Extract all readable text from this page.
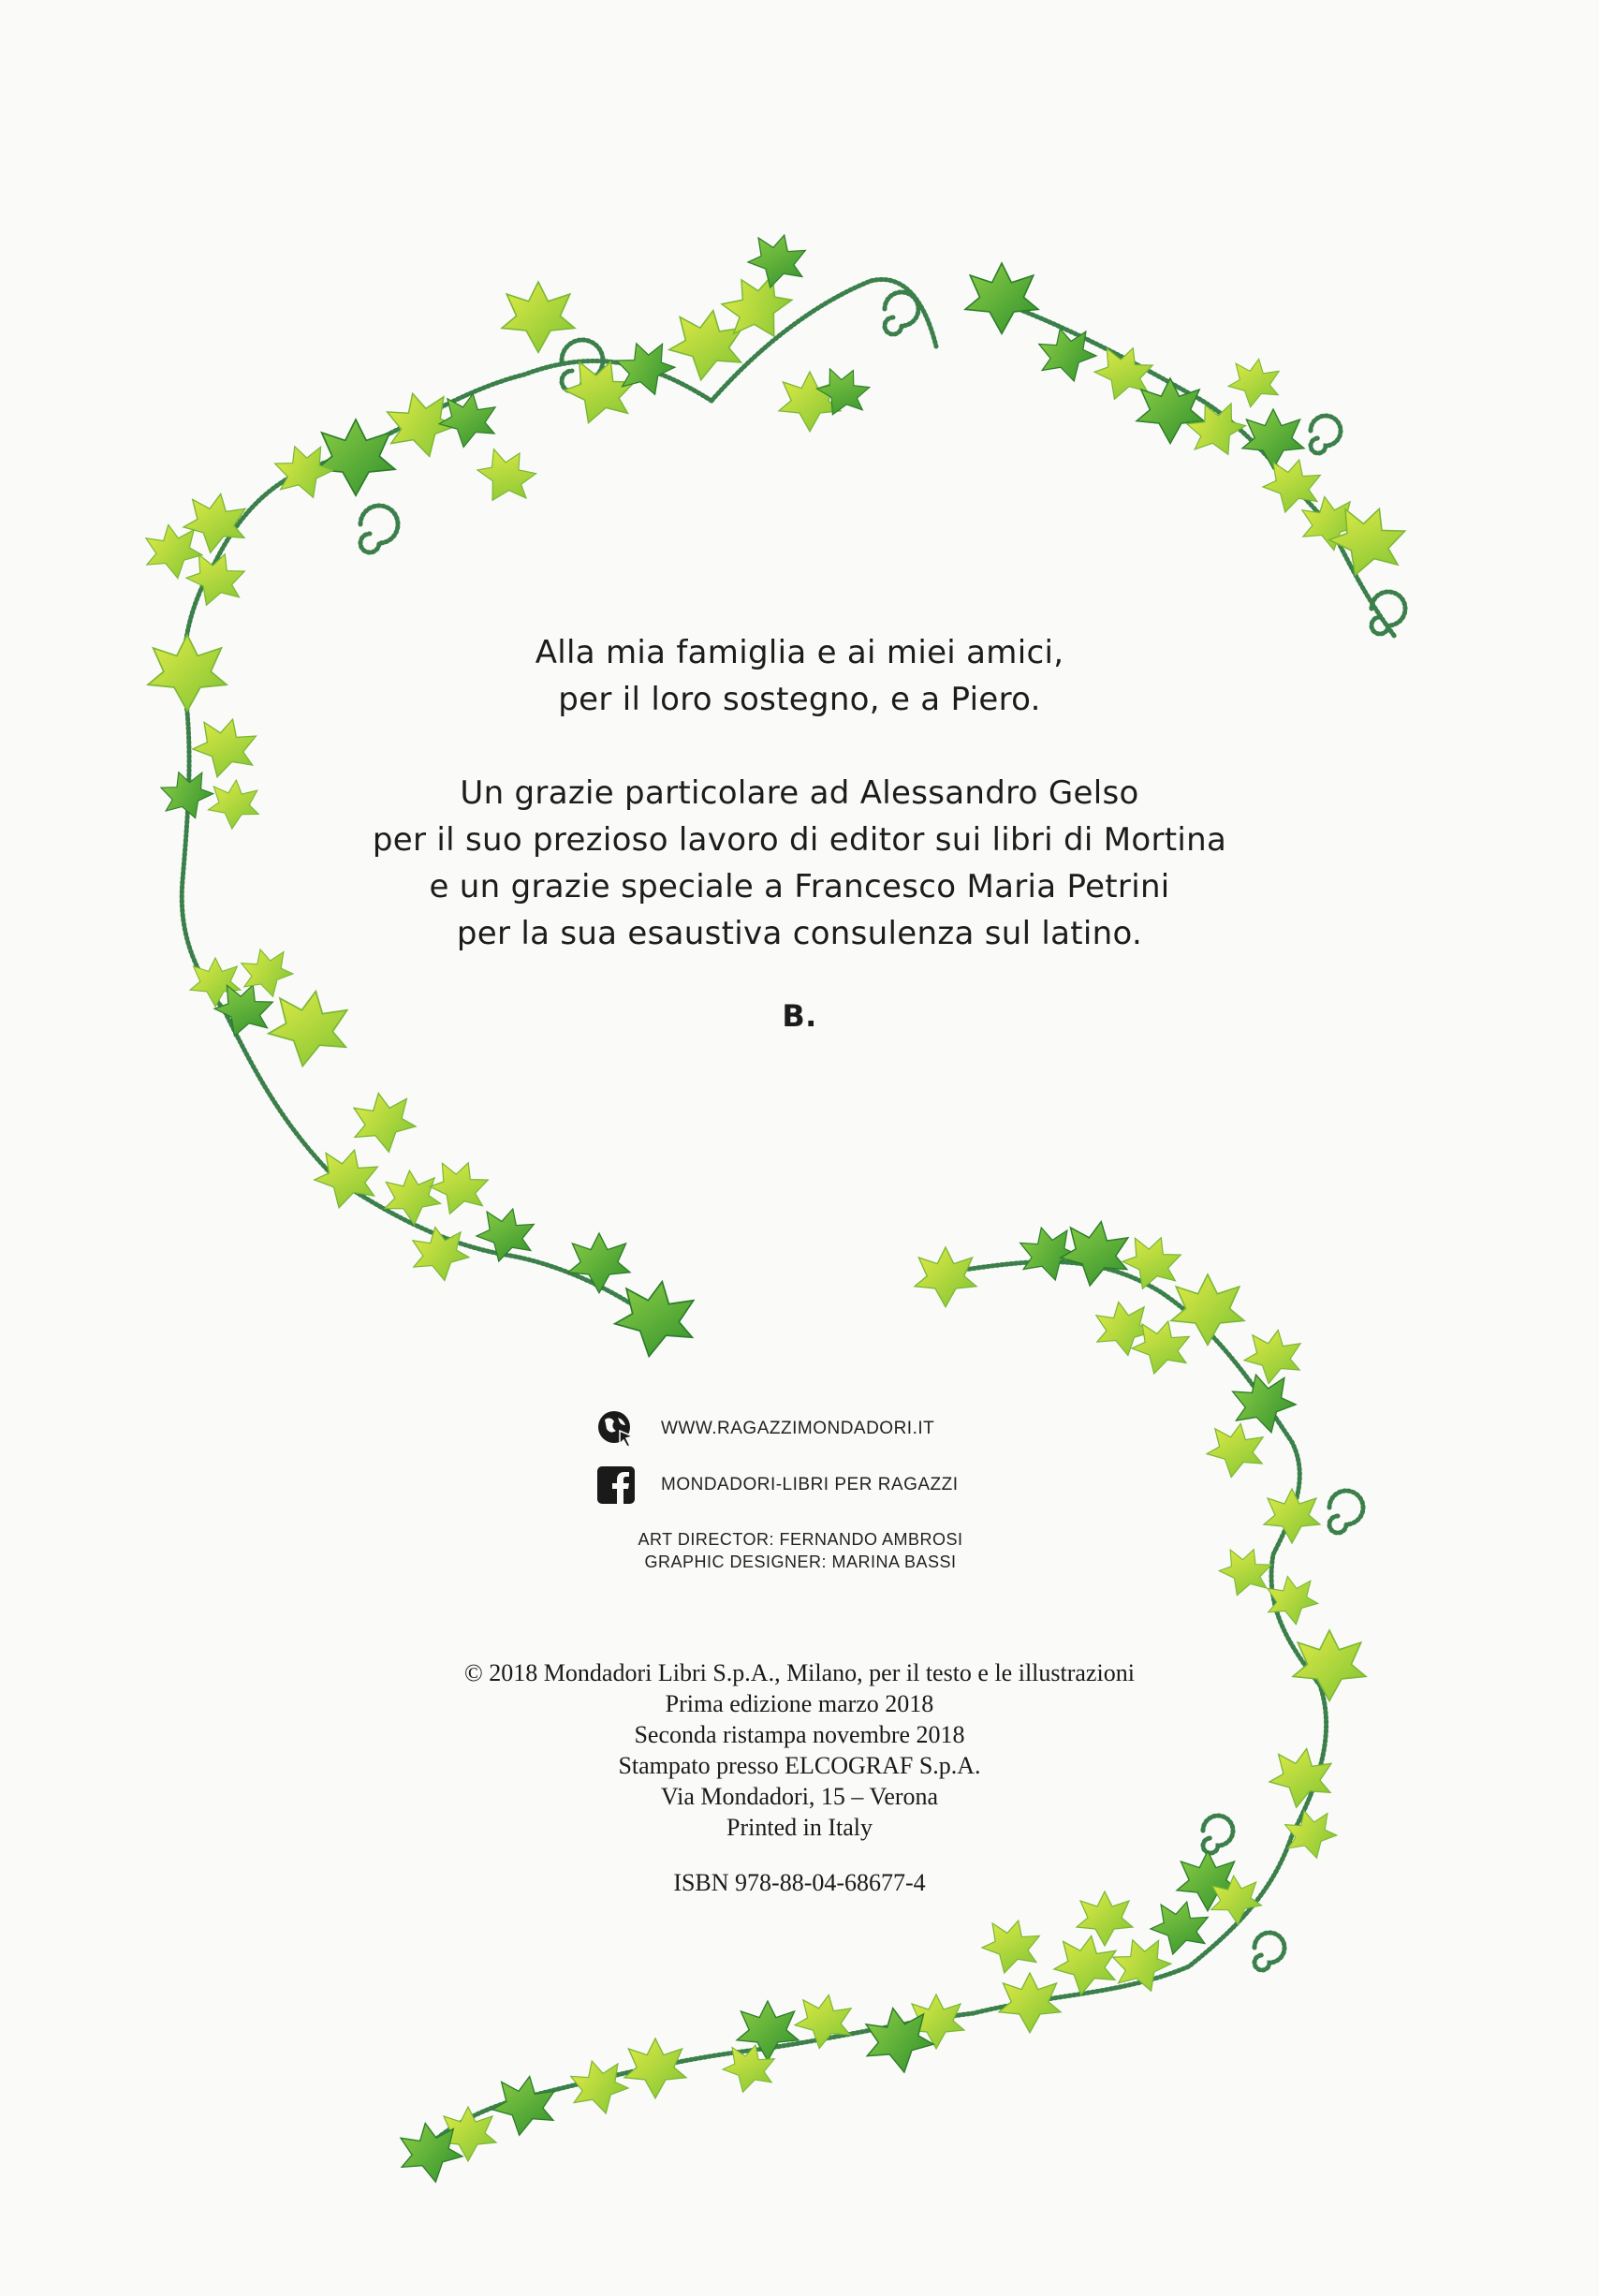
Alla mia famiglia e ai miei amici,
per il loro sostegno, e a Piero.
Un grazie particolare ad Alessandro Gelso
per il suo prezioso lavoro di editor sui libri di Mortina
e un grazie speciale a Francesco Maria Petrini
per la sua esaustiva consulenza sul latino.

B.

WWW.RAGAZZIMONDADORI.IT
MONDADORI-LIBRI PER RAGAZZI
ART DIRECTOR: FERNANDO AMBROSI
GRAPHIC DESIGNER: MARINA BASSI
© 2018 Mondadori Libri S.p.A., Milano, per il testo e le illustrazioni
Prima edizione marzo 2018
Seconda ristampa novembre 2018
Stampato presso ELCOGRAF S.p.A.
Via Mondadori, 15 – Verona
Printed in Italy
ISBN 978-88-04-68677-4
